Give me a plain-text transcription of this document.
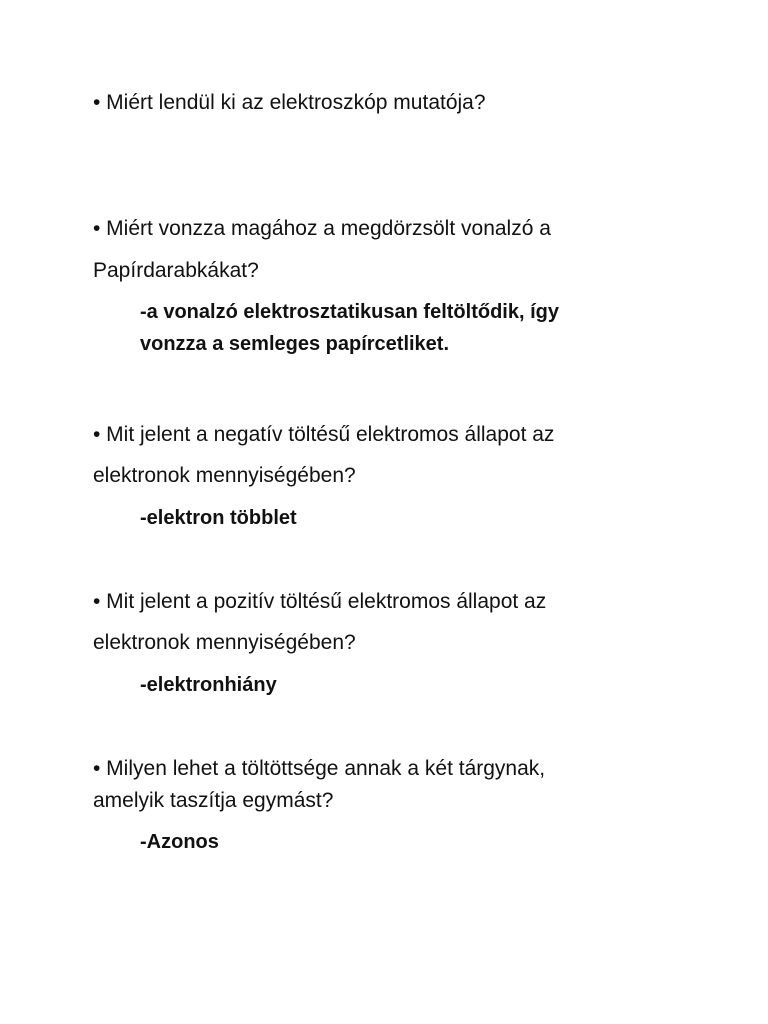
• Miért lendül ki az elektroszkóp mutatója?
• Miért vonzza magához a megdörzsölt vonalzó a
Papírdarabkákat?
-a vonalzó elektrosztatikusan feltöltődik, így
vonzza a semleges papírcetliket.
• Mit jelent a negatív töltésű elektromos állapot az
elektronok mennyiségében?
-elektron többlet
• Mit jelent a pozitív töltésű elektromos állapot az
elektronok mennyiségében?
-elektronhiány
• Milyen lehet a töltöttsége annak a két tárgynak,
amelyik taszítja egymást?
-Azonos
